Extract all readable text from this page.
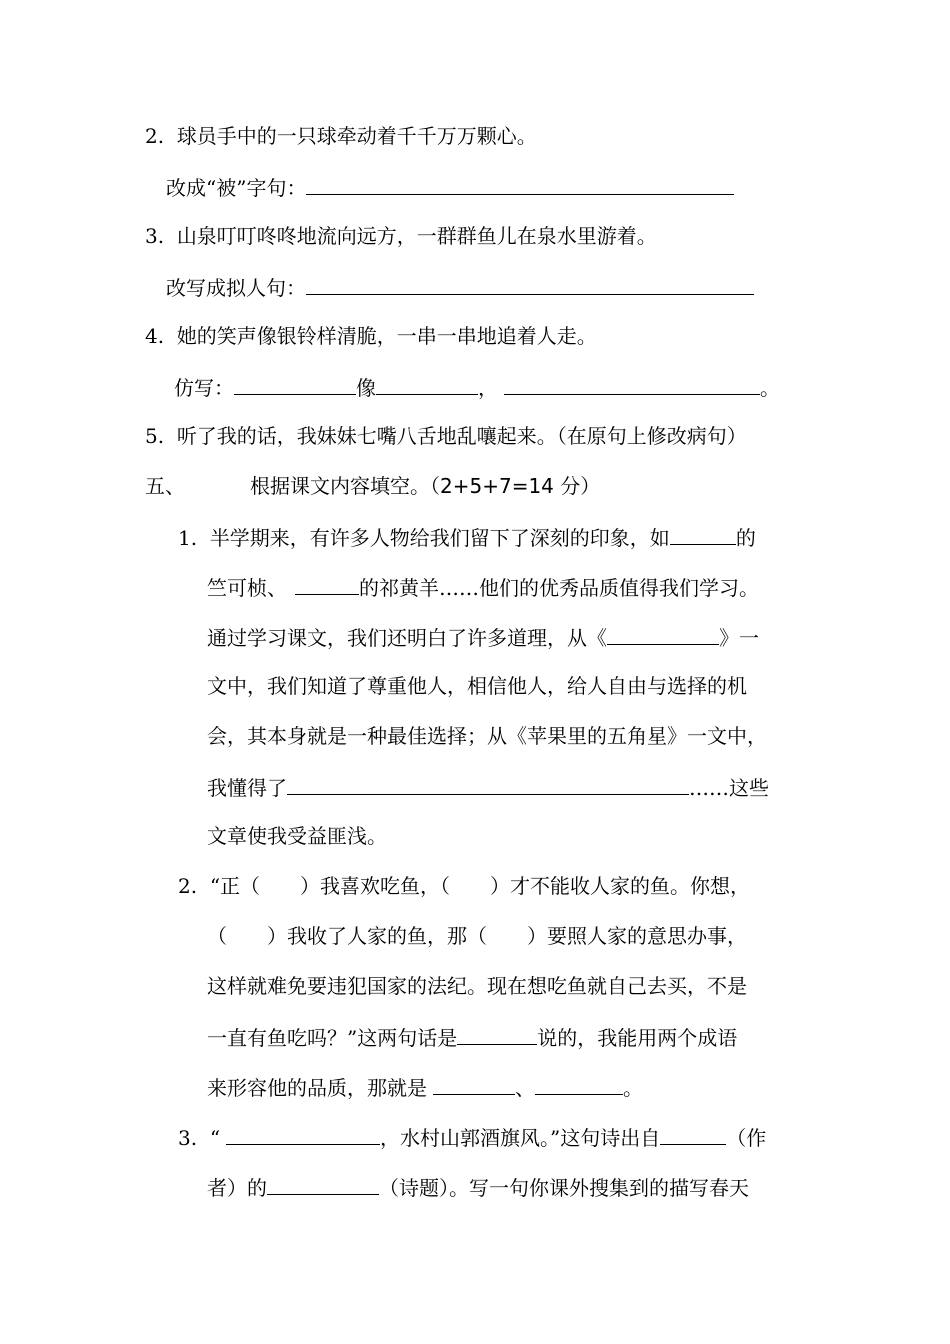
2. 球员手中的一只球牵动着千千万万颗心。
改成“被”字句：
3. 山泉叮叮咚咚地流向远方，一群群鱼儿在泉水里游着。
改写成拟人句：
4. 她的笑声像银铃样清脆，一串一串地追着人走。
仿写：	像	，	。
5. 听了我的话，我妹妹七嘴八舌地乱嚷起来。（在原句上修改病句）
五、	根据课文内容填空。（2+5+7=14 分）
1. 半学期来，有许多人物给我们留下了深刻的印象，如	的
竺可桢、	的祁黄羊……他们的优秀品质值得我们学习。
通过学习课文，我们还明白了许多道理，从《	》一
文中，我们知道了尊重他人，相信他人，给人自由与选择的机
会，其本身就是一种最佳选择；从《苹果里的五角星》一文中，
我懂得了	……这些
文章使我受益匪浅。
2. “正（　　）我喜欢吃鱼，（　　）才不能收人家的鱼。你想，
（　　）我收了人家的鱼，那（　　）要照人家的意思办事，
这样就难免要违犯国家的法纪。现在想吃鱼就自己去买，不是
一直有鱼吃吗？”这两句话是	说的，我能用两个成语
来形容他的品质，那就是	、	。
3. “	，水村山郭酒旗风。”这句诗出自	（作
者）的	（诗题）。写一句你课外搜集到的描写春天
